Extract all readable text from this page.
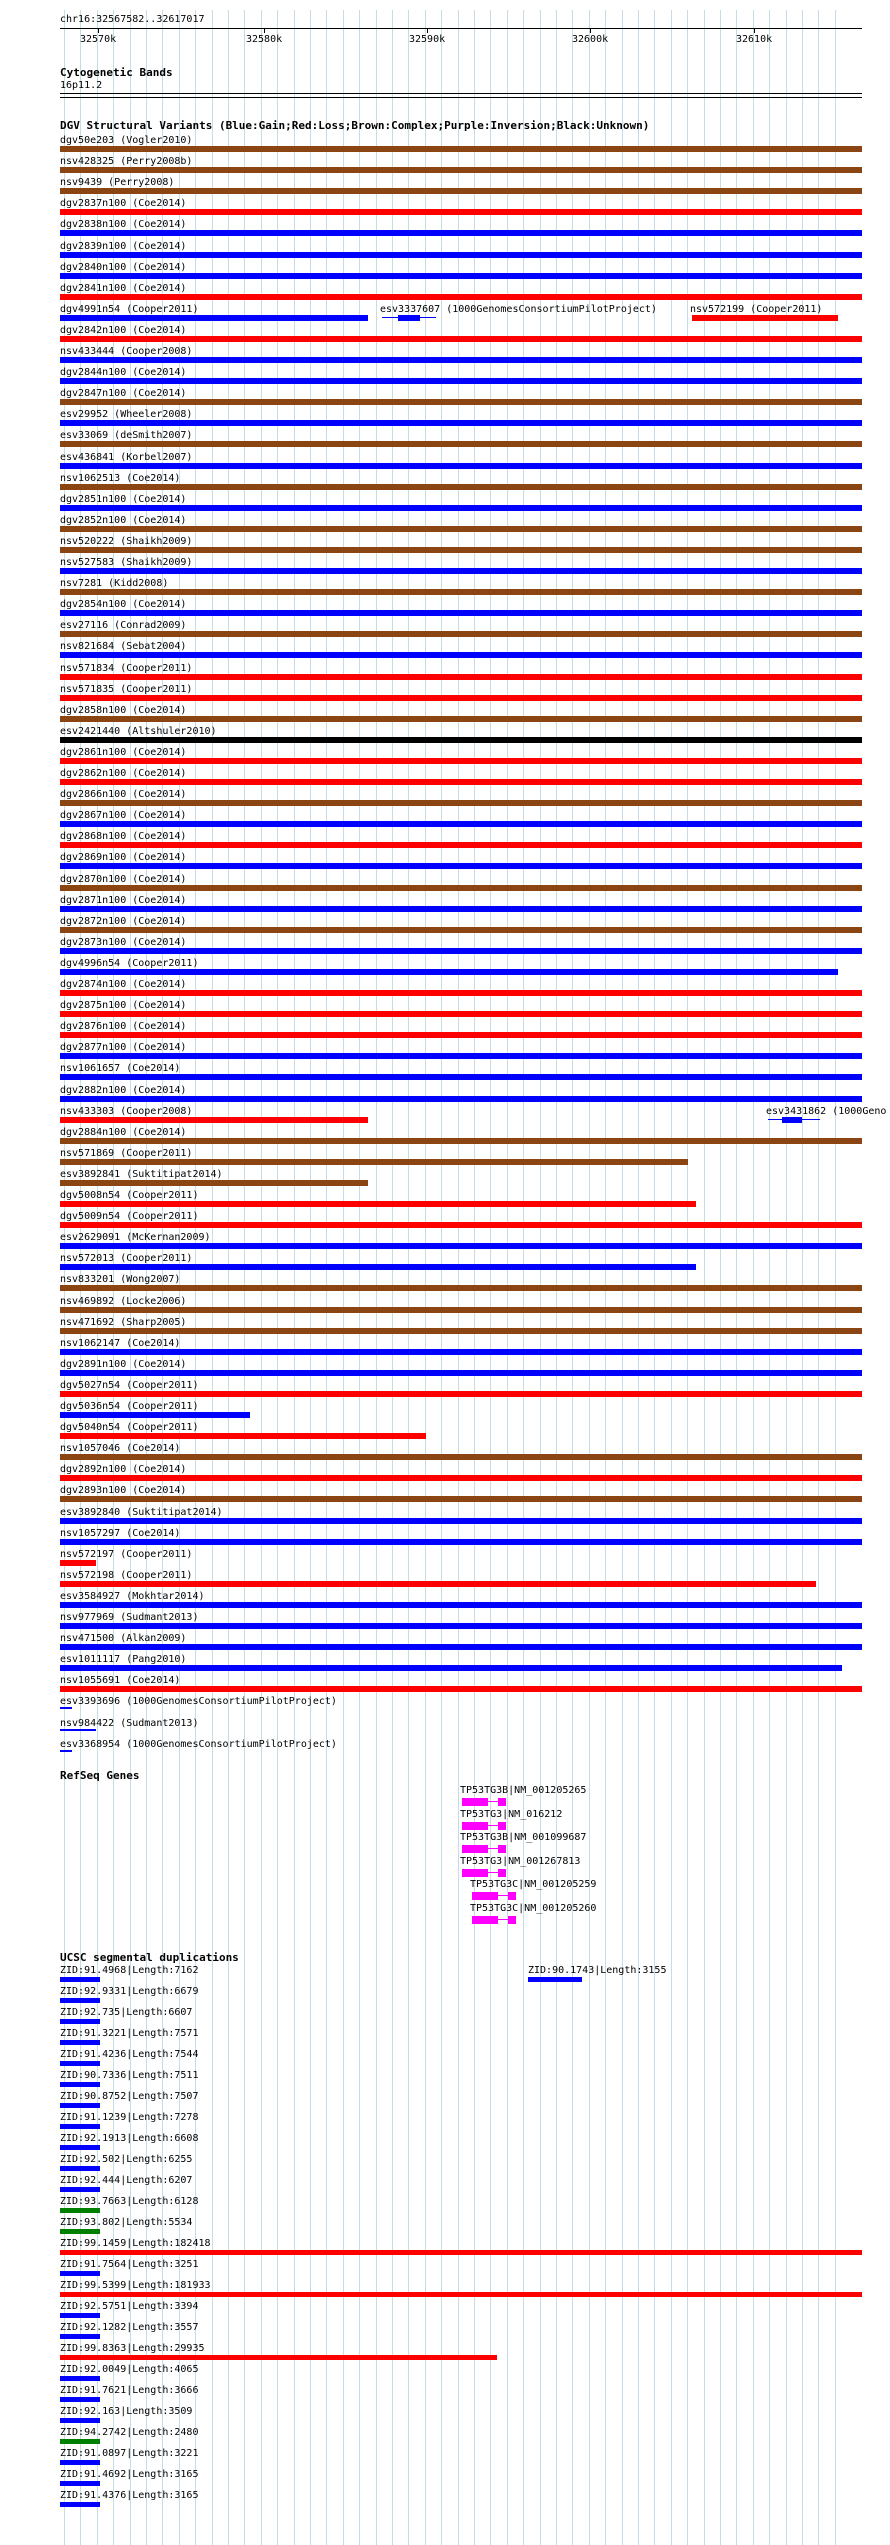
chr16:32567582..32617017
32570k	32580k	32590k	32600k	32610k
Cytogenetic Bands
16p11.2
DGV Structural Variants (Blue:Gain;Red:Loss;Brown:Complex;Purple:Inversion;Black:Unknown)
dgv50e203 (Vogler2010)
nsv428325 (Perry2008b)
nsv9439 (Perry2008)
dgv2837n100 (Coe2014)
dgv2838n100 (Coe2014)
dgv2839n100 (Coe2014)
dgv2840n100 (Coe2014)
dgv2841n100 (Coe2014)
dgv4991n54 (Cooper2011)
dgv2842n100 (Coe2014)
nsv433444 (Cooper2008)
dgv2844n100 (Coe2014)
dgv2847n100 (Coe2014)
esv29952 (Wheeler2008)
esv33069 (deSmith2007)
esv436841 (Korbel2007)
nsv1062513 (Coe2014)
dgv2851n100 (Coe2014)
dgv2852n100 (Coe2014)
nsv520222 (Shaikh2009)
nsv527583 (Shaikh2009)
nsv7281 (Kidd2008)
dgv2854n100 (Coe2014)
esv27116 (Conrad2009)
nsv821684 (Sebat2004)
nsv571834 (Cooper2011)
nsv571835 (Cooper2011)
dgv2858n100 (Coe2014)
esv2421440 (Altshuler2010)
dgv2861n100 (Coe2014)
dgv2862n100 (Coe2014)
dgv2866n100 (Coe2014)
dgv2867n100 (Coe2014)
dgv2868n100 (Coe2014)
dgv2869n100 (Coe2014)
dgv2870n100 (Coe2014)
dgv2871n100 (Coe2014)
dgv2872n100 (Coe2014)
dgv2873n100 (Coe2014)
dgv4996n54 (Cooper2011)
dgv2874n100 (Coe2014)
dgv2875n100 (Coe2014)
dgv2876n100 (Coe2014)
dgv2877n100 (Coe2014)
nsv1061657 (Coe2014)
dgv2882n100 (Coe2014)
nsv433303 (Cooper2008)
dgv2884n100 (Coe2014)
nsv571869 (Cooper2011)
esv3892841 (Suktitipat2014)
dgv5008n54 (Cooper2011)
dgv5009n54 (Cooper2011)
esv2629091 (McKernan2009)
nsv572013 (Cooper2011)
nsv833201 (Wong2007)
nsv469892 (Locke2006)
nsv471692 (Sharp2005)
nsv1062147 (Coe2014)
dgv2891n100 (Coe2014)
dgv5027n54 (Cooper2011)
dgv5036n54 (Cooper2011)
dgv5040n54 (Cooper2011)
nsv1057046 (Coe2014)
dgv2892n100 (Coe2014)
dgv2893n100 (Coe2014)
esv3892840 (Suktitipat2014)
nsv1057297 (Coe2014)
nsv572197 (Cooper2011)
nsv572198 (Cooper2011)
esv3584927 (Mokhtar2014)
nsv977969 (Sudmant2013)
nsv471500 (Alkan2009)
esv1011117 (Pang2010)
nsv1055691 (Coe2014)
esv3393696 (1000GenomesConsortiumPilotProject)
nsv984422 (Sudmant2013)
esv3368954 (1000GenomesConsortiumPilotProject)
esv3337607 (1000GenomesConsortiumPilotProject)	nsv572199 (Cooper2011)
esv3431862 (1000Geno
RefSeq Genes
TP53TG3B|NM_001205265
TP53TG3|NM_016212
TP53TG3B|NM_001099687
TP53TG3|NM_001267813
TP53TG3C|NM_001205259
TP53TG3C|NM_001205260
UCSC segmental duplications
ZID:91.4968|Length:7162
ZID:92.9331|Length:6679
ZID:92.735|Length:6607
ZID:91.3221|Length:7571
ZID:91.4236|Length:7544
ZID:90.7336|Length:7511
ZID:90.8752|Length:7507
ZID:91.1239|Length:7278
ZID:92.1913|Length:6608
ZID:92.502|Length:6255
ZID:92.444|Length:6207
ZID:93.7663|Length:6128
ZID:93.802|Length:5534
ZID:99.1459|Length:182418
ZID:91.7564|Length:3251
ZID:99.5399|Length:181933
ZID:92.5751|Length:3394
ZID:92.1282|Length:3557
ZID:99.8363|Length:29935
ZID:92.0049|Length:4065
ZID:91.7621|Length:3666
ZID:92.163|Length:3509
ZID:94.2742|Length:2480
ZID:91.0897|Length:3221
ZID:91.4692|Length:3165
ZID:91.4376|Length:3165
ZID:90.1743|Length:3155
